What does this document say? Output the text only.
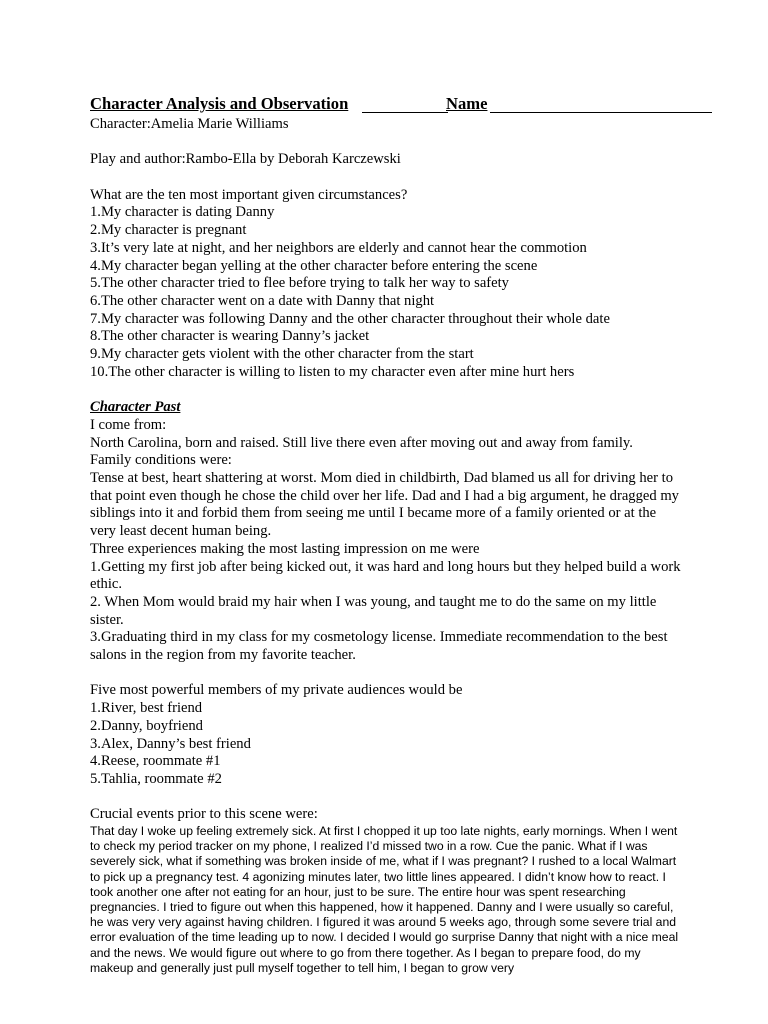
Character Analysis and Observation	Name
Character:Amelia Marie Williams
Play and author:Rambo-Ella by Deborah Karczewski
What are the ten most important given circumstances?
1.My character is dating Danny
2.My character is pregnant
3.It’s very late at night, and her neighbors are elderly and cannot hear the commotion
4.My character began yelling at the other character before entering the scene
5.The other character tried to flee before trying to talk her way to safety
6.The other character went on a date with Danny that night
7.My character was following Danny and the other character throughout their whole date
8.The other character is wearing Danny’s jacket
9.My character gets violent with the other character from the start
10.The other character is willing to listen to my character even after mine hurt hers
Character Past
I come from:
North Carolina, born and raised. Still live there even after moving out and away from family.
Family conditions were:
Tense at best, heart shattering at worst. Mom died in childbirth, Dad blamed us all for driving her to that point even though he chose the child over her life. Dad and I had a big argument, he dragged my siblings into it and forbid them from seeing me until I became more of a family oriented or at the very least decent human being.
Three experiences making the most lasting impression on me were
1.Getting my first job after being kicked out, it was hard and long hours but they helped build a work ethic.
2. When Mom would braid my hair when I was young, and taught me to do the same on my little sister.
3.Graduating third in my class for my cosmetology license. Immediate recommendation to the best salons in the region from my favorite teacher.
Five most powerful members of my private audiences would be
1.River, best friend
2.Danny, boyfriend
3.Alex, Danny’s best friend
4.Reese, roommate #1
5.Tahlia, roommate #2
Crucial events prior to this scene were:
That day I woke up feeling extremely sick. At first I chopped it up too late nights, early mornings. When I went to check my period tracker on my phone, I realized I’d missed two in a row. Cue the panic. What if I was severely sick, what if something was broken inside of me, what if I was pregnant? I rushed to a local Walmart to pick up a pregnancy test. 4 agonizing minutes later, two little lines appeared. I didn’t know how to react. I took another one after not eating for an hour, just to be sure. The entire hour was spent researching pregnancies. I tried to figure out when this happened, how it happened. Danny and I were usually so careful, he was very very against having children. I figured it was around 5 weeks ago, through some severe trial and error evaluation of the time leading up to now. I decided I would go surprise Danny that night with a nice meal and the news. We would figure out where to go from there together. As I began to prepare food, do my makeup and generally just pull myself together to tell him, I began to grow very
